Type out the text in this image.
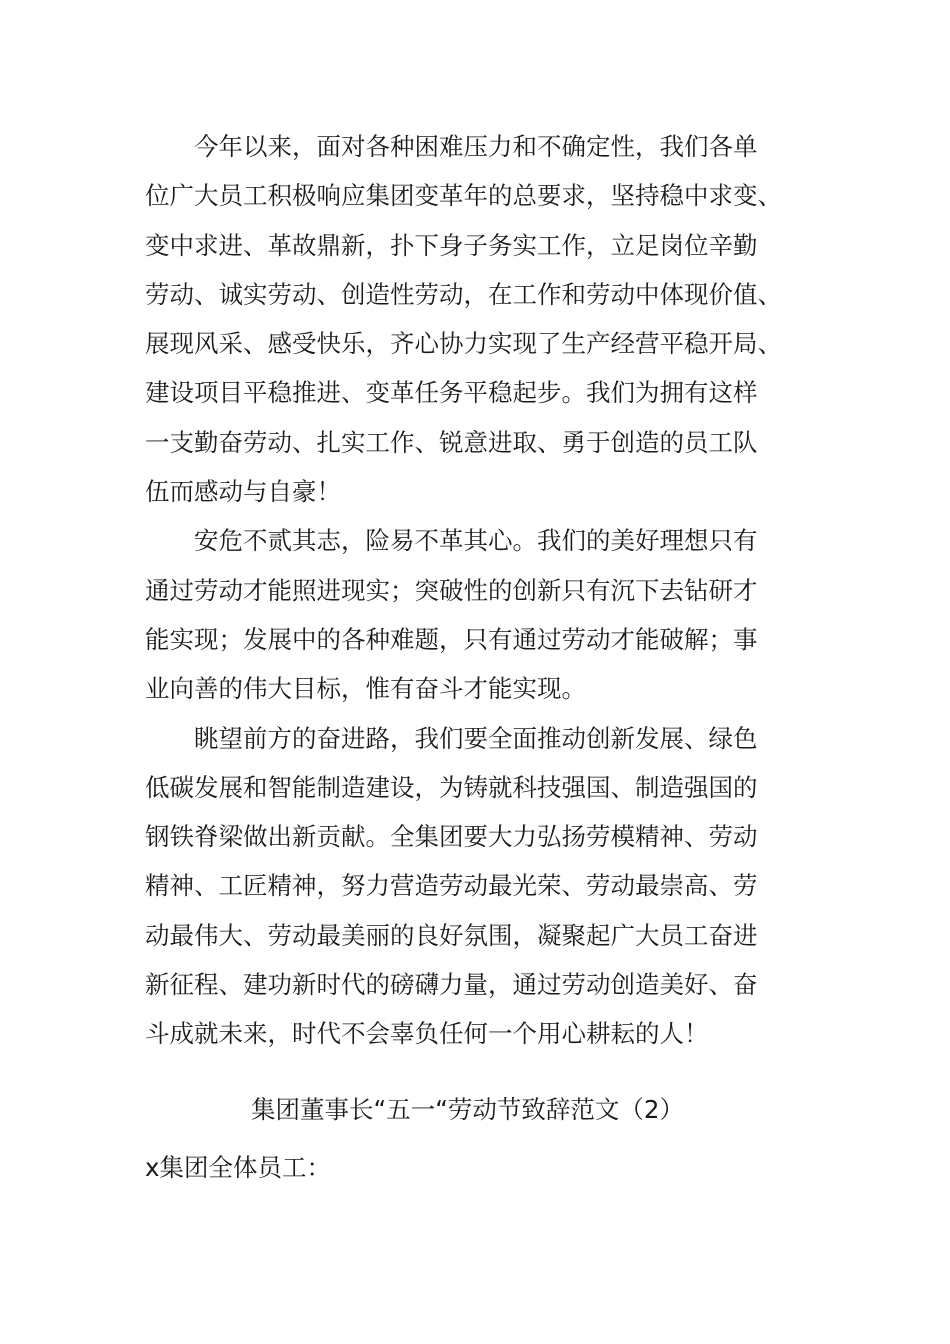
今年以来，面对各种困难压力和不确定性，我们各单
位广大员工积极响应集团变革年的总要求，坚持稳中求变、
变中求进、革故鼎新，扑下身子务实工作，立足岗位辛勤
劳动、诚实劳动、创造性劳动，在工作和劳动中体现价值、
展现风采、感受快乐，齐心协力实现了生产经营平稳开局、
建设项目平稳推进、变革任务平稳起步。我们为拥有这样
一支勤奋劳动、扎实工作、锐意进取、勇于创造的员工队
伍而感动与自豪！
安危不贰其志，险易不革其心。我们的美好理想只有
通过劳动才能照进现实；突破性的创新只有沉下去钻研才
能实现；发展中的各种难题，只有通过劳动才能破解；事
业向善的伟大目标，惟有奋斗才能实现。
眺望前方的奋进路，我们要全面推动创新发展、绿色
低碳发展和智能制造建设，为铸就科技强国、制造强国的
钢铁脊梁做出新贡献。全集团要大力弘扬劳模精神、劳动
精神、工匠精神，努力营造劳动最光荣、劳动最崇高、劳
动最伟大、劳动最美丽的良好氛围，凝聚起广大员工奋进
新征程、建功新时代的磅礴力量，通过劳动创造美好、奋
斗成就未来，时代不会辜负任何一个用心耕耘的人！
集团董事长“五一“劳动节致辞范文（2）
x集团全体员工：
